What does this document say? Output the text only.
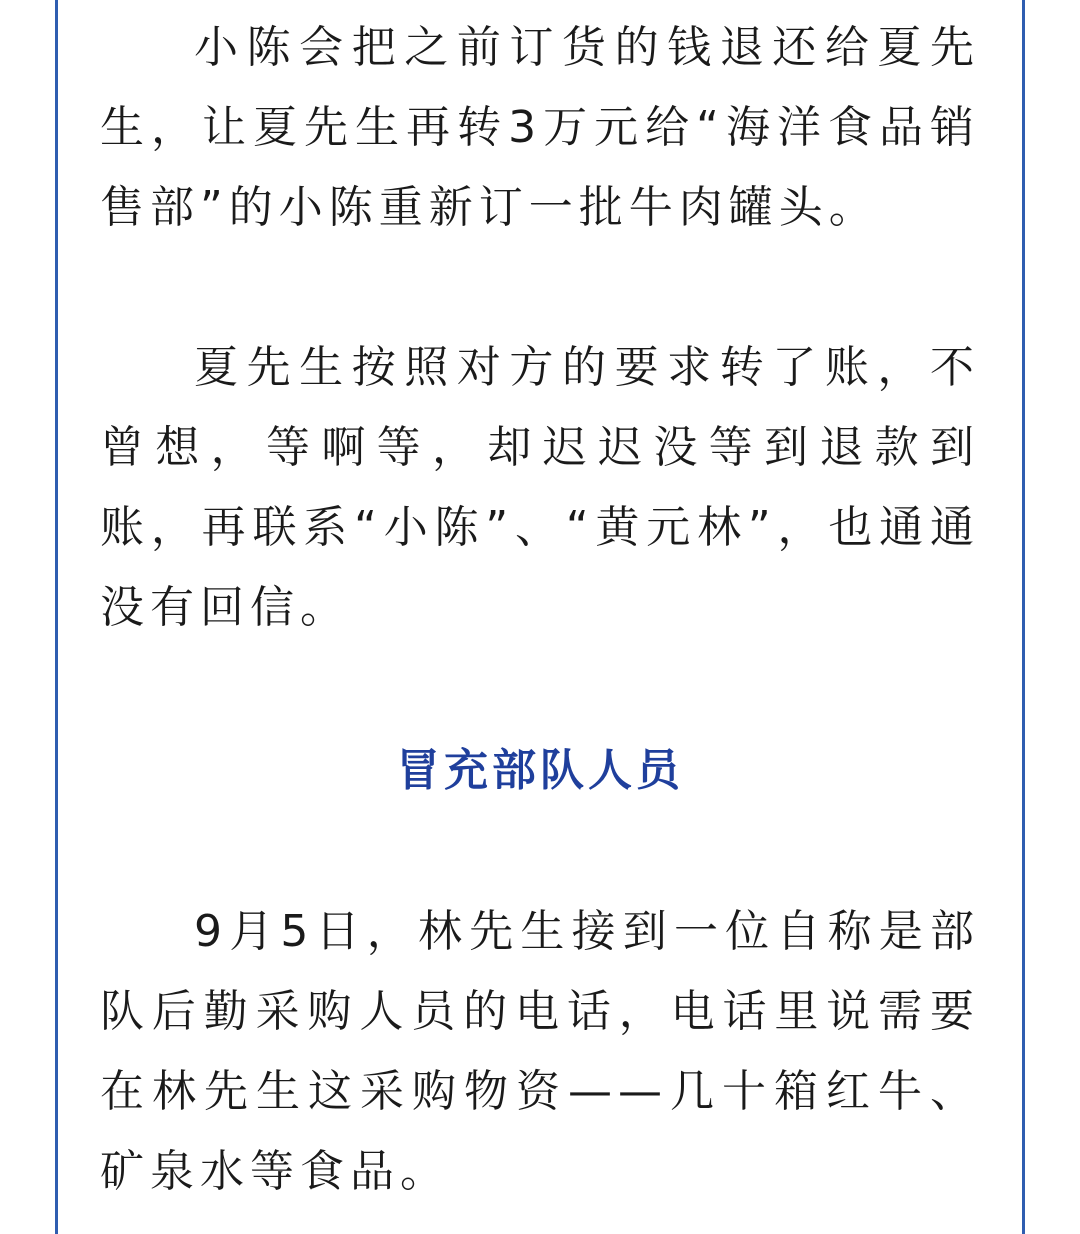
小陈会把之前订货的钱退还给夏先生，让夏先生再转3万元给“海洋食品销售部”的小陈重新订一批牛肉罐头。

夏先生按照对方的要求转了账，不曾想，等啊等，却迟迟没等到退款到账，再联系“小陈”、“黄元林”，也通通没有回信。

冒充部队人员

9月5日，林先生接到一位自称是部队后勤采购人员的电话，电话里说需要在林先生这采购物资——几十箱红牛、矿泉水等食品。
